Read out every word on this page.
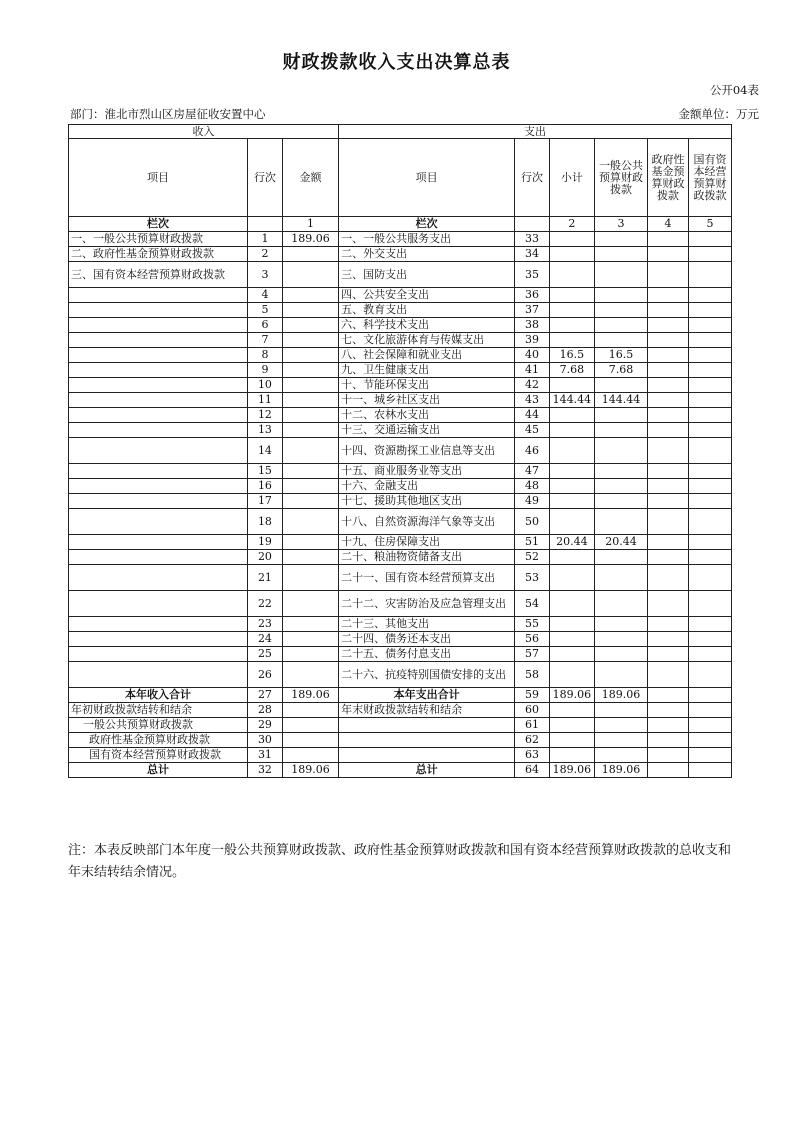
财政拨款收入支出决算总表
公开04表
部门：淮北市烈山区房屋征收安置中心	金额单位：万元
收入			支出					
项目	行次	金额	项目	行次	小计	一般公共预算财政拨款	政府性基金预算财政拨款	国有资本经营预算财政拨款
栏次		1	栏次		2	3	4	5
一、一般公共预算财政拨款	1	189.06	一、一般公共服务支出	33				
二、政府性基金预算财政拨款	2		二、外交支出	34				
三、国有资本经营预算财政拨款	3		三、国防支出	35				
	4		四、公共安全支出	36				
	5		五、教育支出	37				
	6		六、科学技术支出	38				
	7		七、文化旅游体育与传媒支出	39				
	8		八、社会保障和就业支出	40	16.5	16.5		
	9		九、卫生健康支出	41	7.68	7.68		
	10		十、节能环保支出	42				
	11		十一、城乡社区支出	43	144.44	144.44		
	12		十二、农林水支出	44				
	13		十三、交通运输支出	45				
	14		十四、资源勘探工业信息等支出	46				
	15		十五、商业服务业等支出	47				
	16		十六、金融支出	48				
	17		十七、援助其他地区支出	49				
	18		十八、自然资源海洋气象等支出	50				
	19		十九、住房保障支出	51	20.44	20.44		
	20		二十、粮油物资储备支出	52				
	21		二十一、国有资本经营预算支出	53				
	22		二十二、灾害防治及应急管理支出	54				
	23		二十三、其他支出	55				
	24		二十四、债务还本支出	56				
	25		二十五、债务付息支出	57				
	26		二十六、抗疫特别国债安排的支出	58				
本年收入合计	27	189.06	本年支出合计	59	189.06	189.06		
年初财政拨款结转和结余	28		年末财政拨款结转和结余	60				
一般公共预算财政拨款	29			61				
政府性基金预算财政拨款	30			62				
国有资本经营预算财政拨款	31			63				
总计	32	189.06	总计	64	189.06	189.06		
注：本表反映部门本年度一般公共预算财政拨款、政府性基金预算财政拨款和国有资本经营预算财政拨款的总收支和年末结转结余情况。
